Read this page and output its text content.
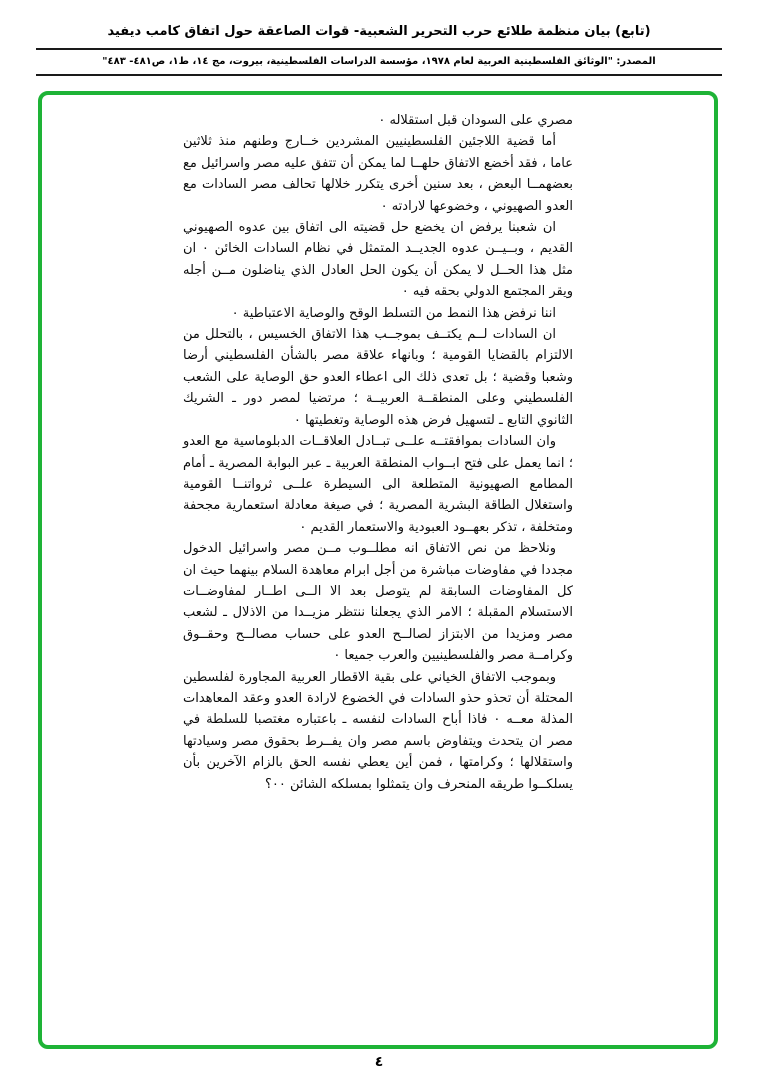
(تابع) بيان منظمة طلائع حرب التحرير الشعبية- قوات الصاعقة حول اتفاق كامب ديفيد
المصدر: "الوثائق الفلسطينية العربية لعام ١٩٧٨، مؤسسة الدراسات الفلسطينية، بيروت، مج ١٤، ط١، ص٤٨١- ٤٨٣"

مصري على السودان قبل استقلاله ٠

أما قضية اللاجئين الفلسطينيين المشردين خــارج وطنهم منذ ثلاثين عاما ، فقد أخضع الاتفاق حلهــا لما يمكن أن تتفق عليه مصر واسرائيل مع بعضهمــا البعض ، بعد سنين أخرى يتكرر خلالها تحالف مصر السادات مع العدو الصهيوني ، وخضوعها لارادته ٠

ان شعبنا يرفض ان يخضع حل قضيته الى اتفاق بين عدوه الصهيوني القديم ، وبــيــن عدوه الجديــد المتمثل في نظام السادات الخائن ٠ ان مثل هذا الحــل لا يمكن أن يكون الحل العادل الذي يناضلون مــن أجله ويقر المجتمع الدولي بحقه فيه ٠

اننا نرفض هذا النمط من التسلط الوقح والوصاية الاعتباطية ٠

ان السادات لــم يكتــف بموجــب هذا الاتفاق الخسيس ، بالتحلل من الالتزام بالقضايا القومية ؛ وبانهاء علاقة مصر بالشأن الفلسطيني أرضا وشعبا وقضية ؛ بل تعدى ذلك الى اعطاء العدو حق الوصاية على الشعب الفلسطيني وعلى المنطقــة العربيــة ؛ مرتضيا لمصر دور ـ الشريك الثانوي التابع ـ لتسهيل فرض هذه الوصاية وتغطيتها ٠

وان السادات بموافقتــه علــى تبــادل العلاقــات الدبلوماسية مع العدو ؛ انما يعمل على فتح ابــواب المنطقة العربية ـ عبر البوابة المصرية ـ أمام المطامع الصهيونية المتطلعة الى السيطرة علــى ثرواتنــا القومية واستغلال الطاقة البشرية المصرية ؛ في صيغة معادلة استعمارية مجحفة ومتخلفة ، تذكر بعهــود العبودية والاستعمار القديم ٠

ونلاحظ من نص الاتفاق انه مطلــوب مــن مصر واسرائيل الدخول مجددا في مفاوضات مباشرة من أجل ابرام معاهدة السلام بينهما حيث ان كل المفاوضات السابقة لم يتوصل بعد الا الــى اطــار لمفاوضــات الاستسلام المقبلة ؛ الامر الذي يجعلنا ننتظر مزيــدا من الاذلال ـ لشعب مصر ومزيدا من الابتزاز لصالــح العدو على حساب مصالــح وحقــوق وكرامــة مصر والفلسطينيين والعرب جميعا ٠

وبموجب الاتفاق الخياني على بقية الاقطار العربية المجاورة لفلسطين المحتلة أن تحذو حذو السادات في الخضوع لارادة العدو وعقد المعاهدات المذلة معــه ٠ فاذا أباح السادات لنفسه ـ باعتباره مغتصبا للسلطة في مصر ان يتحدث ويتفاوض باسم مصر وان يفــرط بحقوق مصر وسيادتها واستقلالها ؛ وكرامتها ، فمن أين يعطي نفسه الحق بالزام الآخرين بأن يسلكــوا طريقه المنحرف وان يتمثلوا بمسلكه الشائن ٠٠؟

٤
